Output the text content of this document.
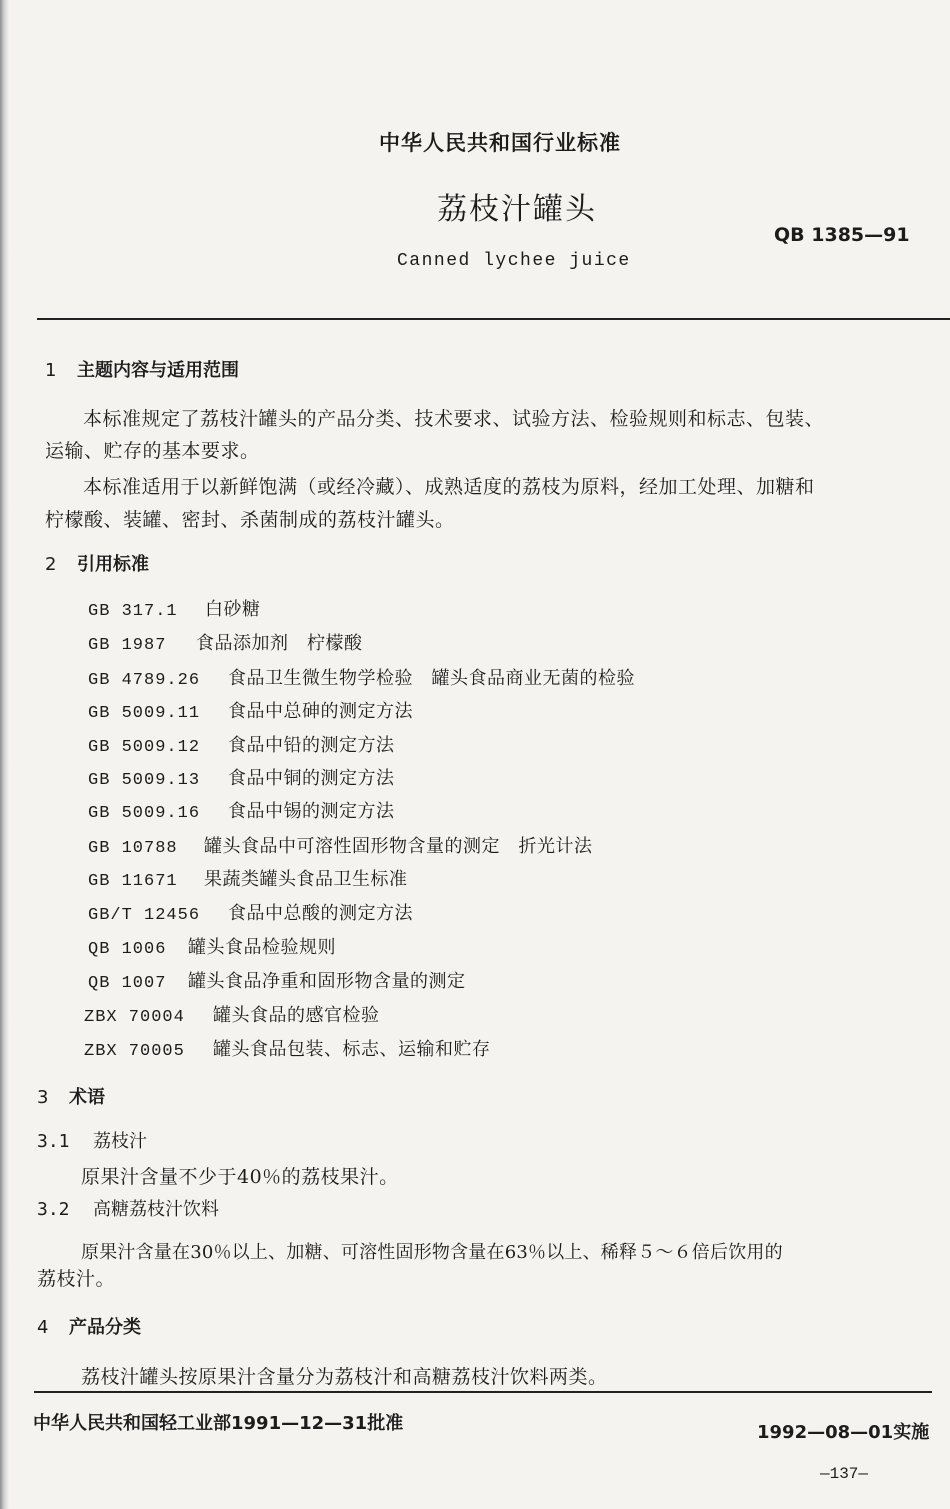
中华人民共和国行业标准
荔枝汁罐头
QB 1385—91
Canned lychee juice
1 主题内容与适用范围
本标准规定了荔枝汁罐头的产品分类、技术要求、试验方法、检验规则和标志、包装、
运输、贮存的基本要求。
本标准适用于以新鲜饱满（或经冷藏）、成熟适度的荔枝为原料，经加工处理、加糖和
柠檬酸、装罐、密封、杀菌制成的荔枝汁罐头。
2 引用标准
GB 317.1 白砂糖
GB 1987 食品添加剂　柠檬酸
GB 4789.26 食品卫生微生物学检验　罐头食品商业无菌的检验
GB 5009.11 食品中总砷的测定方法
GB 5009.12 食品中铅的测定方法
GB 5009.13 食品中铜的测定方法
GB 5009.16 食品中锡的测定方法
GB 10788 罐头食品中可溶性固形物含量的测定　折光计法
GB 11671 果蔬类罐头食品卫生标准
GB/T 12456 食品中总酸的测定方法
QB 1006 罐头食品检验规则
QB 1007 罐头食品净重和固形物含量的测定
ZBX 70004 罐头食品的感官检验
ZBX 70005 罐头食品包装、标志、运输和贮存
3 术语
3.1 荔枝汁
原果汁含量不少于40％的荔枝果汁。
3.2 高糖荔枝汁饮料
原果汁含量在30％以上、加糖、可溶性固形物含量在63％以上、稀释５～６倍后饮用的
荔枝汁。
4 产品分类
荔枝汁罐头按原果汁含量分为荔枝汁和高糖荔枝汁饮料两类。
中华人民共和国轻工业部1991—12—31批准	1992—08—01实施
—137—
